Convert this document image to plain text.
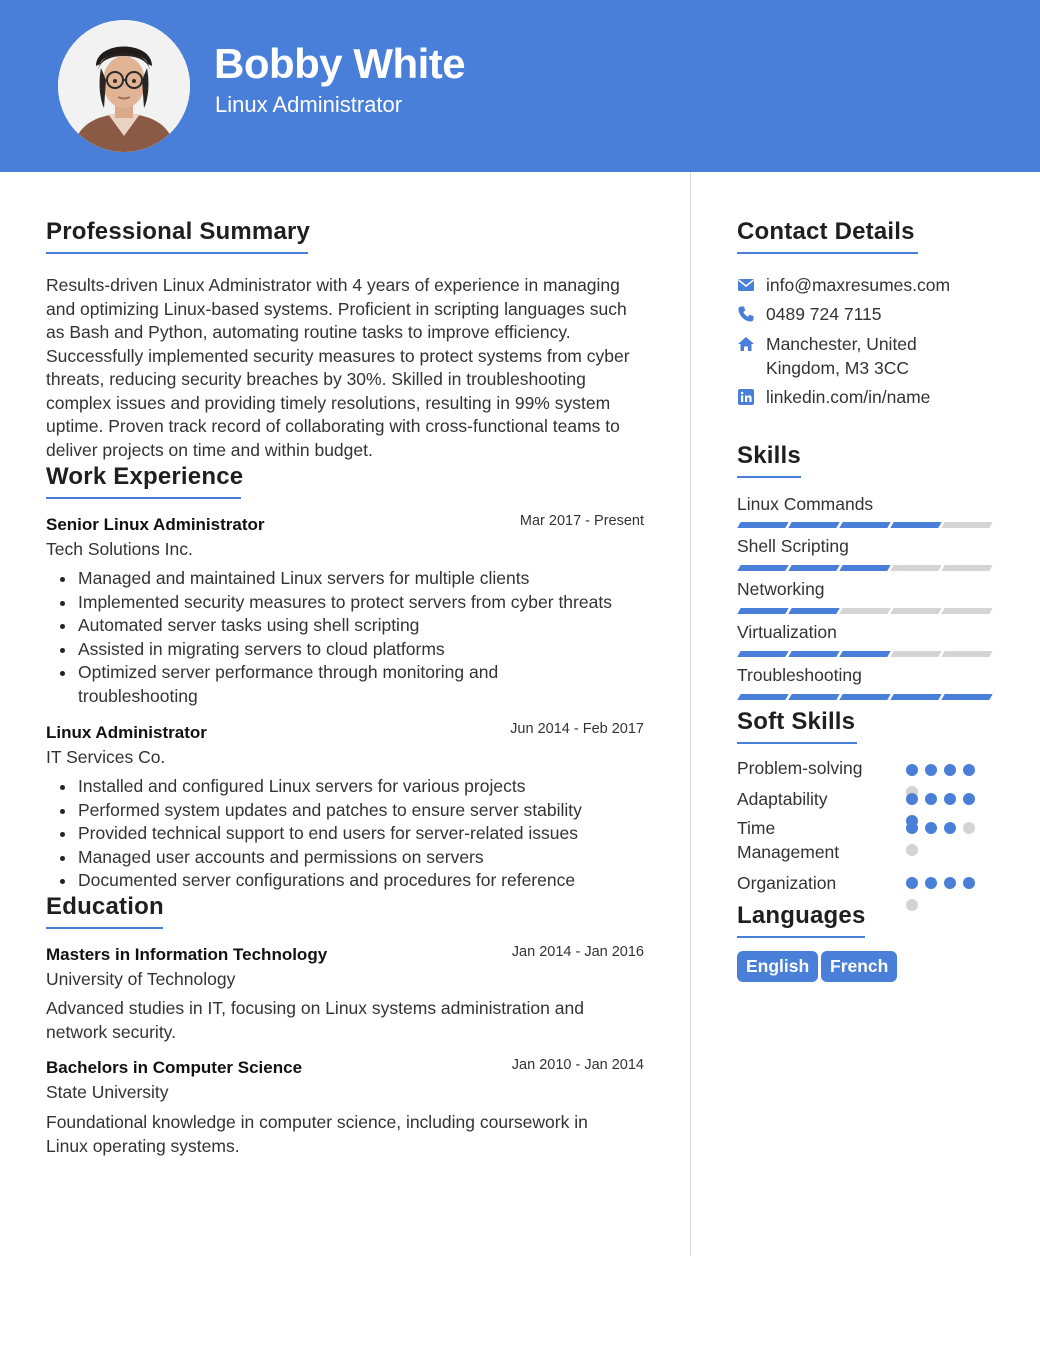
Bobby White
Linux Administrator
Professional Summary
Results-driven Linux Administrator with 4 years of experience in managing and optimizing Linux-based systems. Proficient in scripting languages such as Bash and Python, automating routine tasks to improve efficiency. Successfully implemented security measures to protect systems from cyber threats, reducing security breaches by 30%. Skilled in troubleshooting complex issues and providing timely resolutions, resulting in 99% system uptime. Proven track record of collaborating with cross-functional teams to deliver projects on time and within budget.
Work Experience
Senior Linux Administrator	Mar 2017 - Present
Tech Solutions Inc.
Managed and maintained Linux servers for multiple clients
Implemented security measures to protect servers from cyber threats
Automated server tasks using shell scripting
Assisted in migrating servers to cloud platforms
Optimized server performance through monitoring and troubleshooting
Linux Administrator	Jun 2014 - Feb 2017
IT Services Co.
Installed and configured Linux servers for various projects
Performed system updates and patches to ensure server stability
Provided technical support to end users for server-related issues
Managed user accounts and permissions on servers
Documented server configurations and procedures for reference
Education
Masters in Information Technology	Jan 2014 - Jan 2016
University of Technology
Advanced studies in IT, focusing on Linux systems administration and network security.
Bachelors in Computer Science	Jan 2010 - Jan 2014
State University
Foundational knowledge in computer science, including coursework in Linux operating systems.
Contact Details
info@maxresumes.com
0489 724 7115
Manchester, United Kingdom, M3 3CC
linkedin.com/in/name
Skills
Linux Commands
Shell Scripting
Networking
Virtualization
Troubleshooting
Soft Skills
Problem-solving
Adaptability
Time Management
Organization
Languages
English	French
